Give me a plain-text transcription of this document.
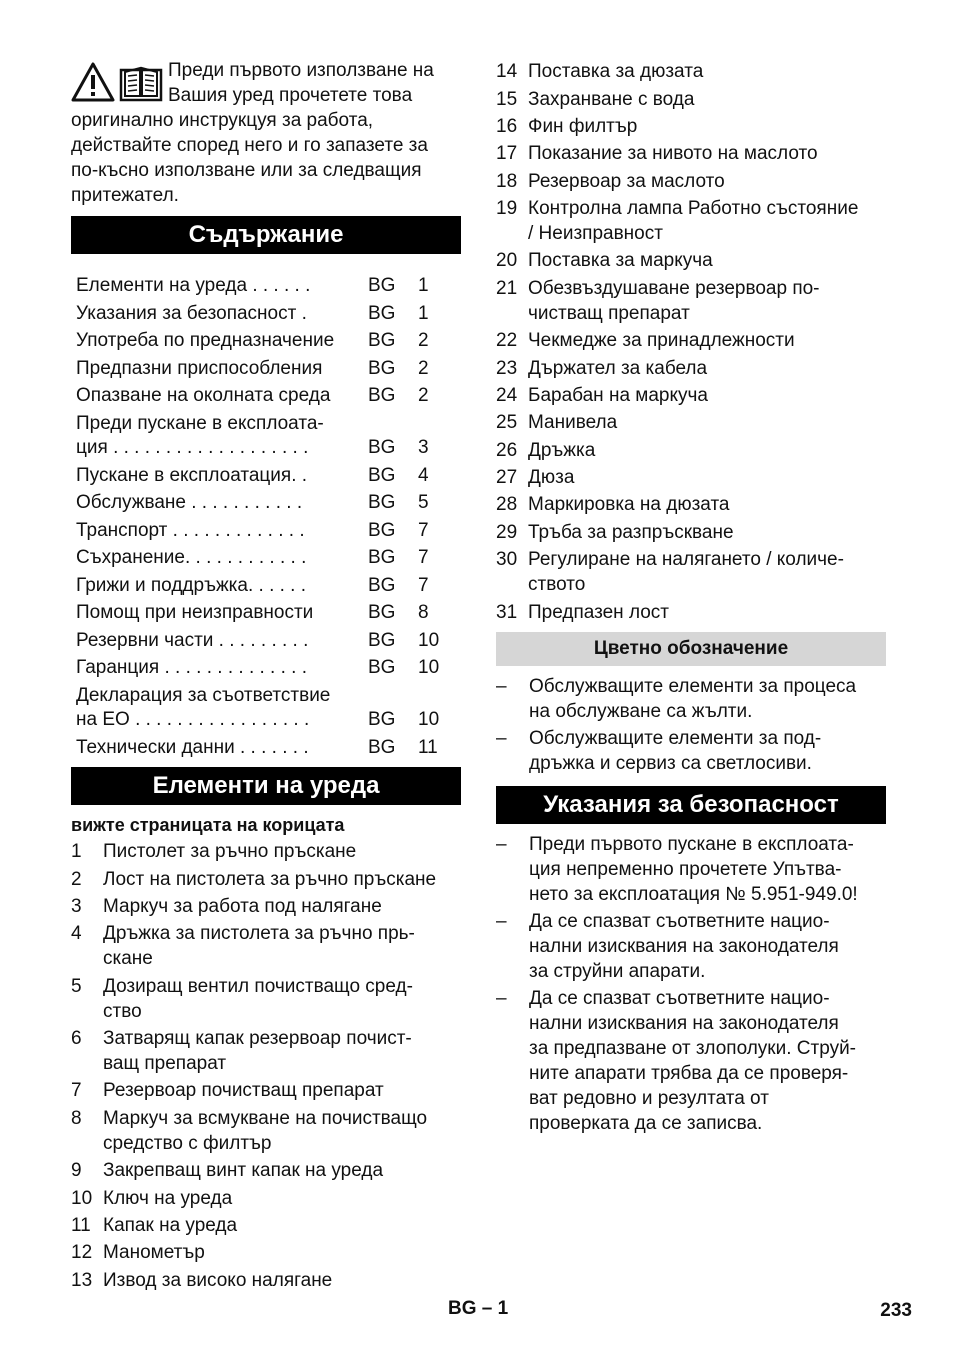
Преди първото използване на
Вашия уред прочетете това
оригинално инструкцуя за работа,
действайте според него и го запазете за
по-късно използване или за следващия
притежател.
Съдържание
Елементи на уреда . . . . . .	BG	1
Указания за безопасност .	BG	1
Употреба по предназначение	BG	2
Предпазни приспособления	BG	2
Опазване на околната среда	BG	2
Преди пускане в експлоата-
ция . . . . . . . . . . . . . . . . . . .	BG	3
Пускане в експлоатация. .	BG	4
Обслужване . . . . . . . . . . .	BG	5
Транспорт . . . . . . . . . . . . .	BG	7
Съхранение. . . . . . . . . . . .	BG	7
Грижи и поддръжка. . . . . .	BG	7
Помощ при неизправности	BG	8
Резервни части . . . . . . . . .	BG	10
Гаранция . . . . . . . . . . . . . .	BG	10
Декларация за съответствие
на ЕО . . . . . . . . . . . . . . . . .	BG	10
Технически данни . . . . . . .	BG	11
Елементи на уреда
вижте страницата на корицата
1	Пистолет за ръчно пръскане
2	Лост на пистолета за ръчно пръскане
3	Маркуч за работа под налягане
4	Дръжка за пистолета за ръчно прь-
скане
5	Дозиращ вентил почистващо сред-
ство
6	Затварящ капак резервоар почист-
ващ препарат
7	Резервоар почистващ препарат
8	Маркуч за всмукване на почистващо
средство с филтър
9	Закрепващ винт капак на уреда
10 Ключ на уреда
11 Капак на уреда
12 Манометър
13 Извод за високо налягане
14 Поставка за дюзата
15 Захранване с вода
16 Фин филтър
17 Показание за нивото на маслото
18 Резервоар за маслото
19 Контролна лампа Работно състояние
/ Неизправност
20 Поставка за маркуча
21 Обезвъздушаване резервоар по-
чистващ препарат
22 Чекмедже за принадлежности
23 Държател за кабела
24 Барабан на маркуча
25 Манивела
26 Дръжка
27 Дюза
28 Маркировка на дюзата
29 Тръба за разпръскване
30 Регулиране на налягането / количе-
ството
31 Предпазен лост
Цветно обозначение
–	Обслужващите елементи за процеса
на обслужване са жълти.
–	Обслужващите елементи за под-
дръжка и сервиз са светлосиви.
Указания за безопасност
–	Преди първото пускане в експлоата-
ция непременно прочетете Упътва-
нето за експлоатация № 5.951-949.0!
–	Да се спазват съответните нацио-
нални изисквания на законодателя
за струйни апарати.
–	Да се спазват съответните нацио-
нални изисквания на законодателя
за предпазване от злополуки. Струй-
ните апарати трябва да се проверя-
ват редовно и резултата от
проверката да се записва.
BG – 1	233
